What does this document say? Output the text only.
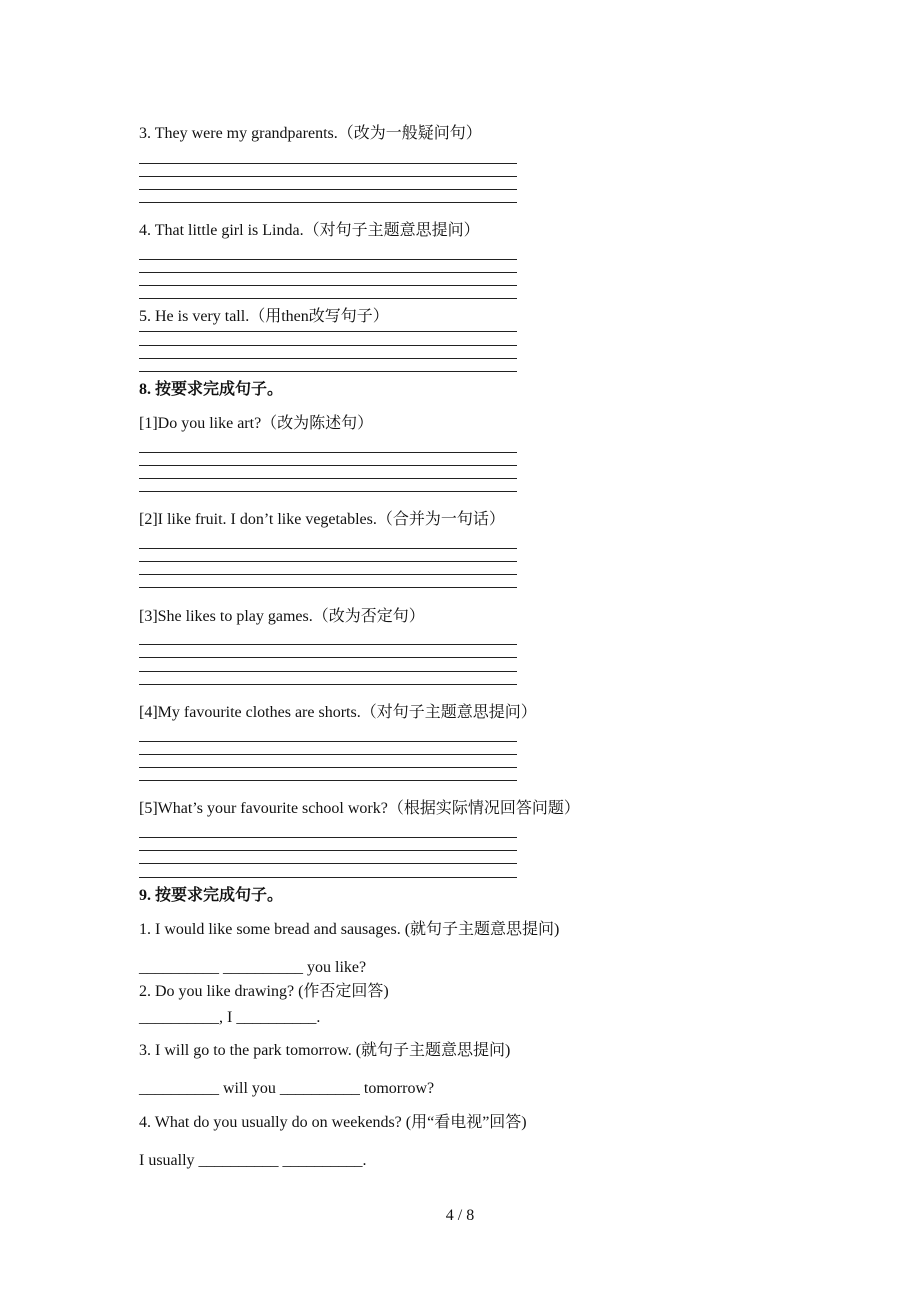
3. They were my grandparents.（改为一般疑问句）
4. That little girl is Linda.（对句子主题意思提问）
5. He is very tall.（用then改写句子）
8. 按要求完成句子。
[1]Do you like art?（改为陈述句）
[2]I like fruit. I don’t like vegetables.（合并为一句话）
[3]She likes to play games.（改为否定句）
[4]My favourite clothes are shorts.（对句子主题意思提问）
[5]What’s your favourite school work?（根据实际情况回答问题）
9. 按要求完成句子。
1. I would like some bread and sausages. (就句子主题意思提问)
__________ __________ you like?
2. Do you like drawing? (作否定回答)
__________, I __________.
3. I will go to the park tomorrow. (就句子主题意思提问)
__________ will you __________ tomorrow?
4. What do you usually do on weekends? (用“看电视”回答)
I usually __________ __________.
4 / 8
